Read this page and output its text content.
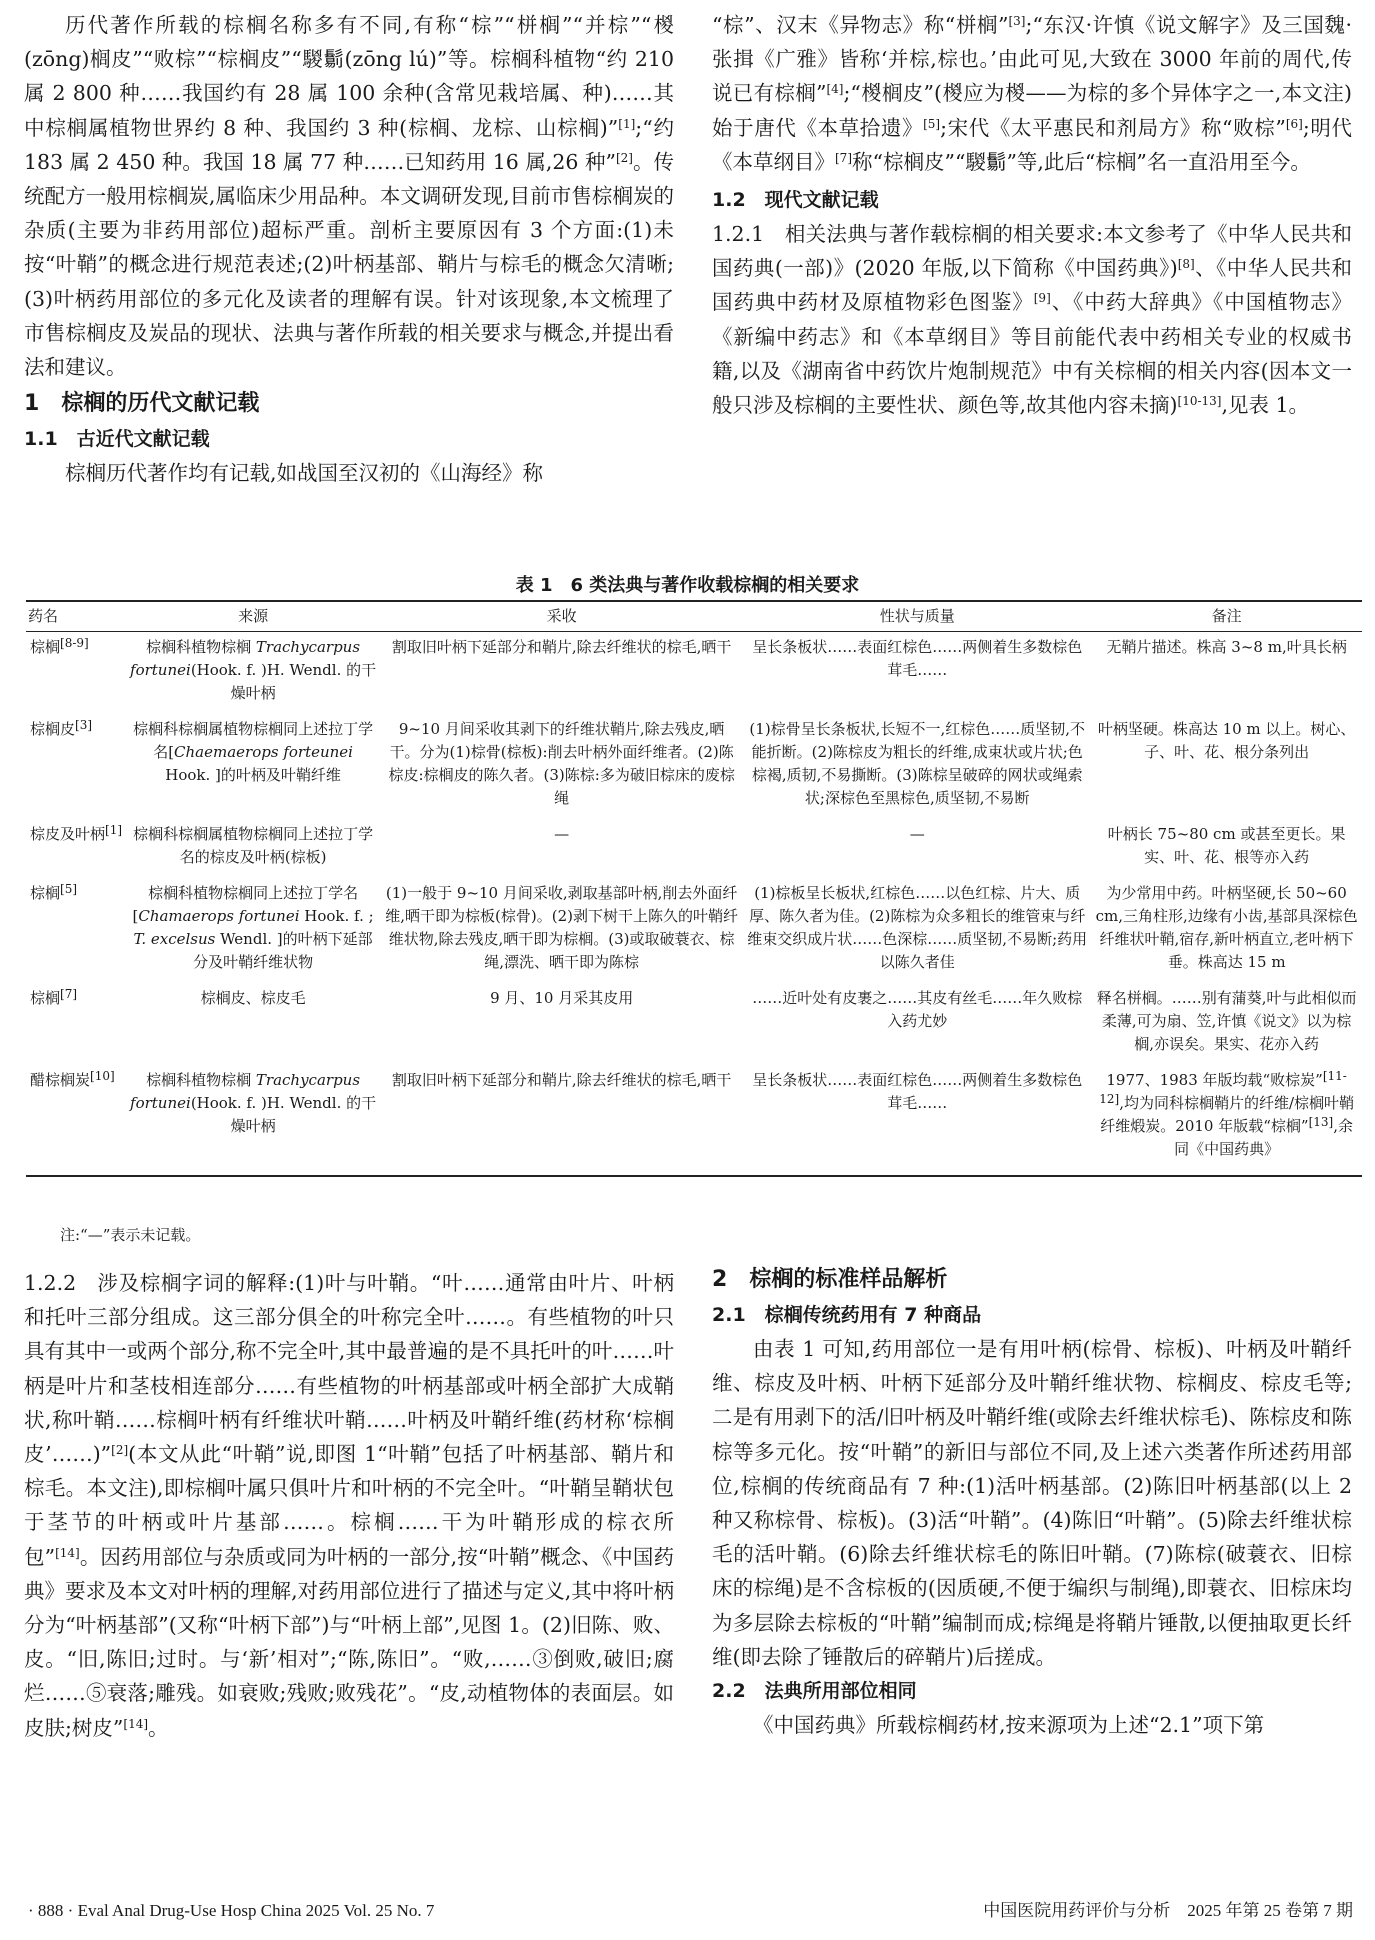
历代著作所载的棕榈名称多有不同,有称“棕”“栟榈”“并棕”“椶(zōng)榈皮”“败棕”“棕榈皮”“騣𩮜(zōng lú)”等。棕榈科植物“约 210 属 2 800 种……我国约有 28 属 100 余种(含常见栽培属、种)……其中棕榈属植物世界约 8 种、我国约 3 种(棕榈、龙棕、山棕榈)”[1];“约 183 属 2 450 种。我国 18 属 77 种……已知药用 16 属,26 种”[2]。传统配方一般用棕榈炭,属临床少用品种。本文调研发现,目前市售棕榈炭的杂质(主要为非药用部位)超标严重。剖析主要原因有 3 个方面:(1)未按“叶鞘”的概念进行规范表述;(2)叶柄基部、鞘片与棕毛的概念欠清晰;(3)叶柄药用部位的多元化及读者的理解有误。针对该现象,本文梳理了市售棕榈皮及炭品的现状、法典与著作所载的相关要求与概念,并提出看法和建议。

1 棕榈的历代文献记载
1.1 古近代文献记载

棕榈历代著作均有记载,如战国至汉初的《山海经》称

“棕”、汉末《异物志》称“栟榈”[3];“东汉·许慎《说文解字》及三国魏·张揖《广雅》皆称‘并棕,棕也。’由此可见,大致在 3000 年前的周代,传说已有棕榈”[4];“椶榈皮”(椶应为椶——为棕的多个异体字之一,本文注)始于唐代《本草拾遗》[5];宋代《太平惠民和剂局方》称“败棕”[6];明代《本草纲目》[7]称“棕榈皮”“騣𩮜”等,此后“棕榈”名一直沿用至今。

1.2 现代文献记载

1.2.1 相关法典与著作载棕榈的相关要求:本文参考了《中华人民共和国药典(一部)》(2020 年版,以下简称《中国药典》)[8]、《中华人民共和国药典中药材及原植物彩色图鉴》[9]、《中药大辞典》《中国植物志》《新编中药志》和《本草纲目》等目前能代表中药相关专业的权威书籍,以及《湖南省中药饮片炮制规范》中有关棕榈的相关内容(因本文一般只涉及棕榈的主要性状、颜色等,故其他内容未摘)[10-13],见表 1。

表 1　6 类法典与著作收载棕榈的相关要求
药名	来源	采收	性状与质量	备注
棕榈[8-9]	棕榈科植物棕榈 Trachycarpus fortunei(Hook. f. )H. Wendl. 的干燥叶柄	割取旧叶柄下延部分和鞘片,除去纤维状的棕毛,晒干	呈长条板状……表面红棕色……两侧着生多数棕色茸毛……	无鞘片描述。株高 3~8 m,叶具长柄
棕榈皮[3]	棕榈科棕榈属植物棕榈同上述拉丁学名[Chaemaerops forteunei Hook. ]的叶柄及叶鞘纤维	9~10 月间采收其剥下的纤维状鞘片,除去残皮,晒干。分为(1)棕骨(棕板):削去叶柄外面纤维者。(2)陈棕皮:棕榈皮的陈久者。(3)陈棕:多为破旧棕床的废棕绳	(1)棕骨呈长条板状,长短不一,红棕色……质坚韧,不能折断。(2)陈棕皮为粗长的纤维,成束状或片状;色棕褐,质韧,不易撕断。(3)陈棕呈破碎的网状或绳索状;深棕色至黑棕色,质坚韧,不易断	叶柄坚硬。株高达 10 m 以上。树心、子、叶、花、根分条列出
棕皮及叶柄[1]	棕榈科棕榈属植物棕榈同上述拉丁学名的棕皮及叶柄(棕板)	—	—	叶柄长 75~80 cm 或甚至更长。果实、叶、花、根等亦入药
棕榈[5]	棕榈科植物棕榈同上述拉丁学名[Chamaerops fortunei Hook. f. ; T. excelsus Wendl. ]的叶柄下延部分及叶鞘纤维状物	(1)一般于 9~10 月间采收,剥取基部叶柄,削去外面纤维,晒干即为棕板(棕骨)。(2)剥下树干上陈久的叶鞘纤维状物,除去残皮,晒干即为棕榈。(3)或取破蓑衣、棕绳,漂洗、晒干即为陈棕	(1)棕板呈长板状,红棕色……以色红棕、片大、质厚、陈久者为佳。(2)陈棕为众多粗长的维管束与纤维束交织成片状……色深棕……质坚韧,不易断;药用以陈久者佳	为少常用中药。叶柄坚硬,长 50~60 cm,三角柱形,边缘有小齿,基部具深棕色纤维状叶鞘,宿存,新叶柄直立,老叶柄下垂。株高达 15 m
棕榈[7]	棕榈皮、棕皮毛	9 月、10 月采其皮用	……近叶处有皮裹之……其皮有丝毛……年久败棕入药尤妙	释名栟榈。……别有蒲葵,叶与此相似而柔薄,可为扇、笠,许慎《说文》以为棕榈,亦误矣。果实、花亦入药
醋棕榈炭[10]	棕榈科植物棕榈 Trachycarpus fortunei(Hook. f. )H. Wendl. 的干燥叶柄	割取旧叶柄下延部分和鞘片,除去纤维状的棕毛,晒干	呈长条板状……表面红棕色……两侧着生多数棕色茸毛……	1977、1983 年版均载“败棕炭”[11-12],均为同科棕榈鞘片的纤维/棕榈叶鞘纤维煅炭。2010 年版载“棕榈”[13],余同《中国药典》
注:“—”表示未记载。

1.2.2 涉及棕榈字词的解释:(1)叶与叶鞘。“叶……通常由叶片、叶柄和托叶三部分组成。这三部分俱全的叶称完全叶……。有些植物的叶只具有其中一或两个部分,称不完全叶,其中最普遍的是不具托叶的叶……叶柄是叶片和茎枝相连部分……有些植物的叶柄基部或叶柄全部扩大成鞘状,称叶鞘……棕榈叶柄有纤维状叶鞘……叶柄及叶鞘纤维(药材称‘棕榈皮’……)”[2](本文从此“叶鞘”说,即图 1“叶鞘”包括了叶柄基部、鞘片和棕毛。本文注),即棕榈叶属只俱叶片和叶柄的不完全叶。“叶鞘呈鞘状包于茎节的叶柄或叶片基部……。棕榈……干为叶鞘形成的棕衣所包”[14]。因药用部位与杂质或同为叶柄的一部分,按“叶鞘”概念、《中国药典》要求及本文对叶柄的理解,对药用部位进行了描述与定义,其中将叶柄分为“叶柄基部”(又称“叶柄下部”)与“叶柄上部”,见图 1。(2)旧陈、败、皮。“旧,陈旧;过时。与‘新’相对”;“陈,陈旧”。“败,……③倒败,破旧;腐烂……⑤衰落;雕残。如衰败;残败;败残花”。“皮,动植物体的表面层。如皮肤;树皮”[14]。

2 棕榈的标准样品解析
2.1 棕榈传统药用有 7 种商品

由表 1 可知,药用部位一是有用叶柄(棕骨、棕板)、叶柄及叶鞘纤维、棕皮及叶柄、叶柄下延部分及叶鞘纤维状物、棕榈皮、棕皮毛等;二是有用剥下的活/旧叶柄及叶鞘纤维(或除去纤维状棕毛)、陈棕皮和陈棕等多元化。按“叶鞘”的新旧与部位不同,及上述六类著作所述药用部位,棕榈的传统商品有 7 种:(1)活叶柄基部。(2)陈旧叶柄基部(以上 2 种又称棕骨、棕板)。(3)活“叶鞘”。(4)陈旧“叶鞘”。(5)除去纤维状棕毛的活叶鞘。(6)除去纤维状棕毛的陈旧叶鞘。(7)陈棕(破蓑衣、旧棕床的棕绳)是不含棕板的(因质硬,不便于编织与制绳),即蓑衣、旧棕床均为多层除去棕板的“叶鞘”编制而成;棕绳是将鞘片锤散,以便抽取更长纤维(即去除了锤散后的碎鞘片)后搓成。

2.2 法典所用部位相同

《中国药典》所载棕榈药材,按来源项为上述“2.1”项下第

· 888 · Eval Anal Drug-Use Hosp China 2025 Vol. 25 No. 7	中国医院用药评价与分析　2025 年第 25 卷第 7 期
